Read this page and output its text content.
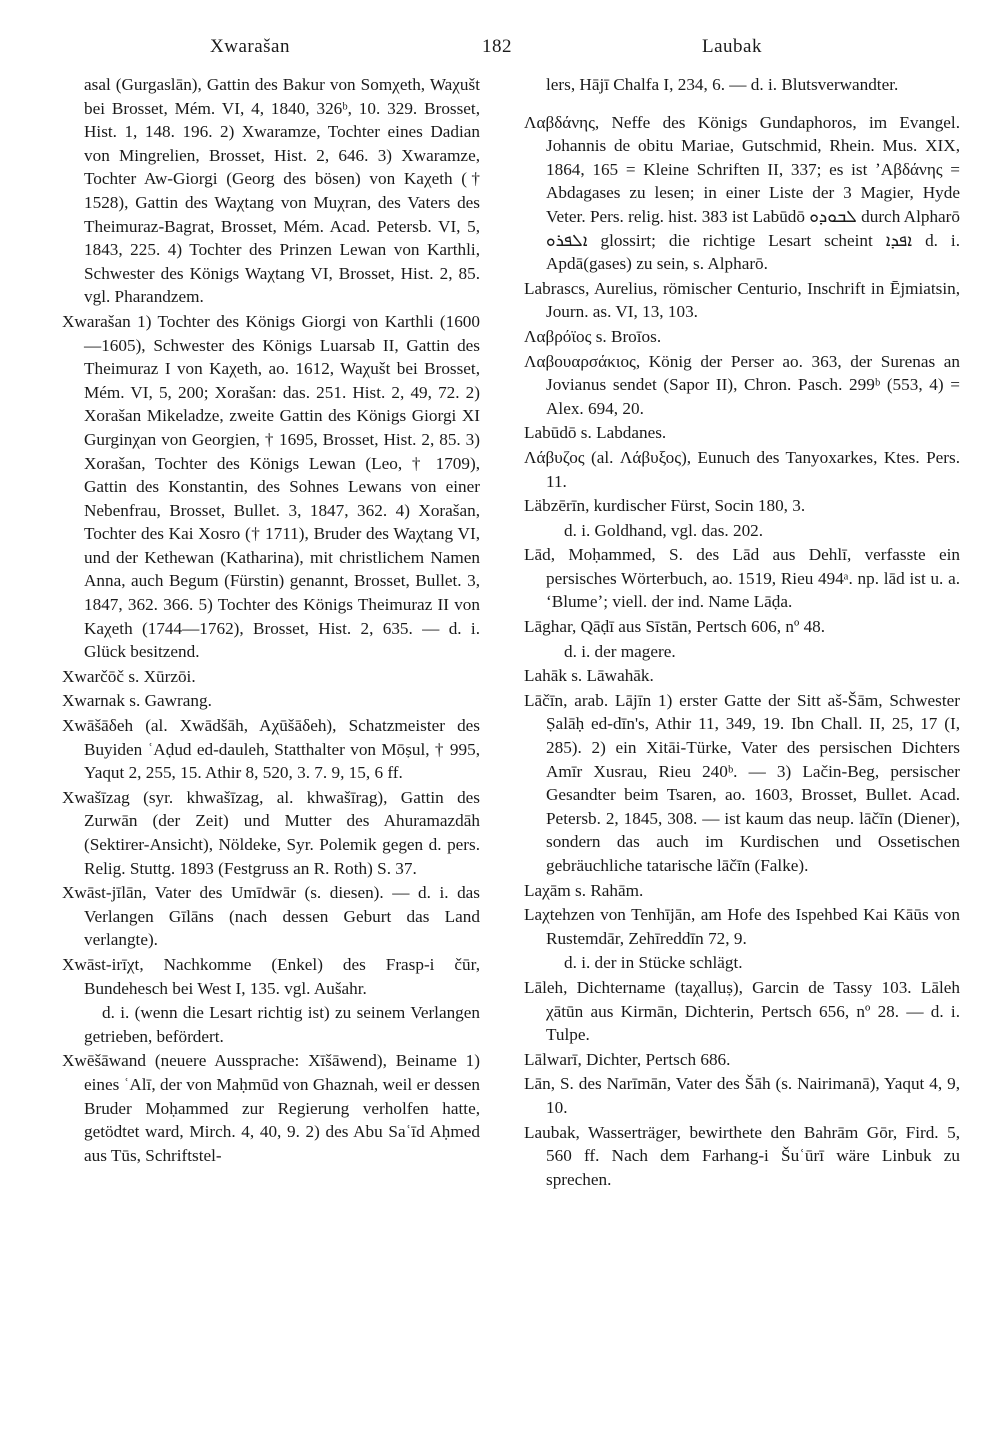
Xwarašan	182	Laubak

asal (Gurgaslān), Gattin des Bakur von Somχeth, Waχušt bei Brosset, Mém. VI, 4, 1840, 326ᵇ, 10. 329. Brosset, Hist. 1, 148. 196. 2) Xwaramze, Tochter eines Dadian von Mingrelien, Brosset, Hist. 2, 646. 3) Xwaramze, Tochter Aw-Giorgi (Georg des bösen) von Kaχeth († 1528), Gattin des Waχtang von Muχran, des Vaters des Theimuraz-Bagrat, Brosset, Mém. Acad. Petersb. VI, 5, 1843, 225. 4) Tochter des Prinzen Lewan von Karthli, Schwester des Königs Waχtang VI, Brosset, Hist. 2, 85. vgl. Pharandzem.

Xwarašan 1) Tochter des Königs Giorgi von Karthli (1600—1605), Schwester des Königs Luarsab II, Gattin des Theimuraz I von Kaχeth, ao. 1612, Waχušt bei Brosset, Mém. VI, 5, 200; Xorašan: das. 251. Hist. 2, 49, 72. 2) Xorašan Mikeladze, zweite Gattin des Königs Giorgi XI Gurginχan von Georgien, † 1695, Brosset, Hist. 2, 85. 3) Xorašan, Tochter des Königs Lewan (Leo, † 1709), Gattin des Konstantin, des Sohnes Lewans von einer Nebenfrau, Brosset, Bullet. 3, 1847, 362. 4) Xorašan, Tochter des Kai Xosro († 1711), Bruder des Waχtang VI, und der Kethewan (Katharina), mit christlichem Namen Anna, auch Begum (Fürstin) genannt, Brosset, Bullet. 3, 1847, 362. 366. 5) Tochter des Königs Theimuraz II von Kaχeth (1744—1762), Brosset, Hist. 2, 635. — d. i. Glück besitzend.

Xwarčōč s. Xūrzōi.

Xwarnak s. Gawrang.

Xwāšāδeh (al. Xwādšāh, Aχūšāδeh), Schatzmeister des Buyiden ʿAḍud ed-dauleh, Statthalter von Mōṣul, † 995, Yaqut 2, 255, 15. Athir 8, 520, 3. 7. 9, 15, 6 ff.

Xwašīzag (syr. khwašīzag, al. khwašīrag), Gattin des Zurwān (der Zeit) und Mutter des Ahuramazdāh (Sektirer-Ansicht), Nöldeke, Syr. Polemik gegen d. pers. Relig. Stuttg. 1893 (Festgruss an R. Roth) S. 37.

Xwāst-jīlān, Vater des Umīdwār (s. diesen). — d. i. das Verlangen Gīlāns (nach dessen Geburt das Land verlangte).

Xwāst-irīχt, Nachkomme (Enkel) des Frasp-i čūr, Bundehesch bei West I, 135. vgl. Aušahr.

d. i. (wenn die Lesart richtig ist) zu seinem Verlangen getrieben, befördert.

Xwēšāwand (neuere Aussprache: Xīšāwend), Beiname 1) eines ʿAlī, der von Maḥmūd von Ghaznah, weil er dessen Bruder Moḥammed zur Regierung verholfen hatte, getödtet ward, Mirch. 4, 40, 9. 2) des Abu Saʿīd Aḥmed aus Tūs, Schriftstel-

lers, Hājī Chalfa I, 234, 6. — d. i. Blutsverwandter.

Λαβδάνης, Neffe des Königs Gundaphoros, im Evangel. Johannis de obitu Mariae, Gutschmid, Rhein. Mus. XIX, 1864, 165 = Kleine Schriften II, 337; es ist ʼΑβδάνης = Abdagases zu lesen; in einer Liste der 3 Magier, Hyde Veter. Pers. relig. hist. 383 ist Labūdō ܠܒܘܕܘ durch Alpharō ܐܠܦܪܘ glossirt; die richtige Lesart scheint ܐܦܕܐ d. i. Apdā(gases) zu sein, s. Alpharō.

Labrascs, Aurelius, römischer Centurio, Inschrift in Ējmiatsin, Journ. as. VI, 13, 103.

Λαβρόϊος s. Broīos.

Λαβουαρσάκιος, König der Perser ao. 363, der Surenas an Jovianus sendet (Sapor II), Chron. Pasch. 299ᵇ (553, 4) = Alex. 694, 20.

Labūdō s. Labdanes.

Λάβυζος (al. Λάβυξος), Eunuch des Tanyoxarkes, Ktes. Pers. 11.

Läbzērīn, kurdischer Fürst, Socin 180, 3.

d. i. Goldhand, vgl. das. 202.

Lād, Moḥammed, S. des Lād aus Dehlī, verfasste ein persisches Wörterbuch, ao. 1519, Rieu 494ᵃ. np. lād ist u. a. ʻBlumeʼ; viell. der ind. Name Lāḍa.

Lāghar, Qāḍī aus Sīstān, Pertsch 606, nº 48.

d. i. der magere.

Lahāk s. Lāwahāk.

Lāčīn, arab. Lājīn 1) erster Gatte der Sitt aš-Šām, Schwester Ṣalāḥ ed-dīn's, Athir 11, 349, 19. Ibn Chall. II, 25, 17 (I, 285). 2) ein Xitāi-Türke, Vater des persischen Dichters Amīr Xusrau, Rieu 240ᵇ. — 3) Lačin-Beg, persischer Gesandter beim Tsaren, ao. 1603, Brosset, Bullet. Acad. Petersb. 2, 1845, 308. — ist kaum das neup. lāčīn (Diener), sondern das auch im Kurdischen und Ossetischen gebräuchliche tatarische lāčīn (Falke).

Laχām s. Rahām.

Laχtehzen von Tenhījān, am Hofe des Ispehbed Kai Kāūs von Rustemdār, Zehīreddīn 72, 9.

d. i. der in Stücke schlägt.

Lāleh, Dichtername (taχalluṣ), Garcin de Tassy 103. Lāleh χātūn aus Kirmān, Dichterin, Pertsch 656, nº 28. — d. i. Tulpe.

Lālwarī, Dichter, Pertsch 686.

Lān, S. des Narīmān, Vater des Šāh (s. Nairimanā), Yaqut 4, 9, 10.

Laubak, Wasserträger, bewirthete den Bahrām Gōr, Fird. 5, 560 ff. Nach dem Farhang-i Šuʿūrī wäre Linbuk zu sprechen.
